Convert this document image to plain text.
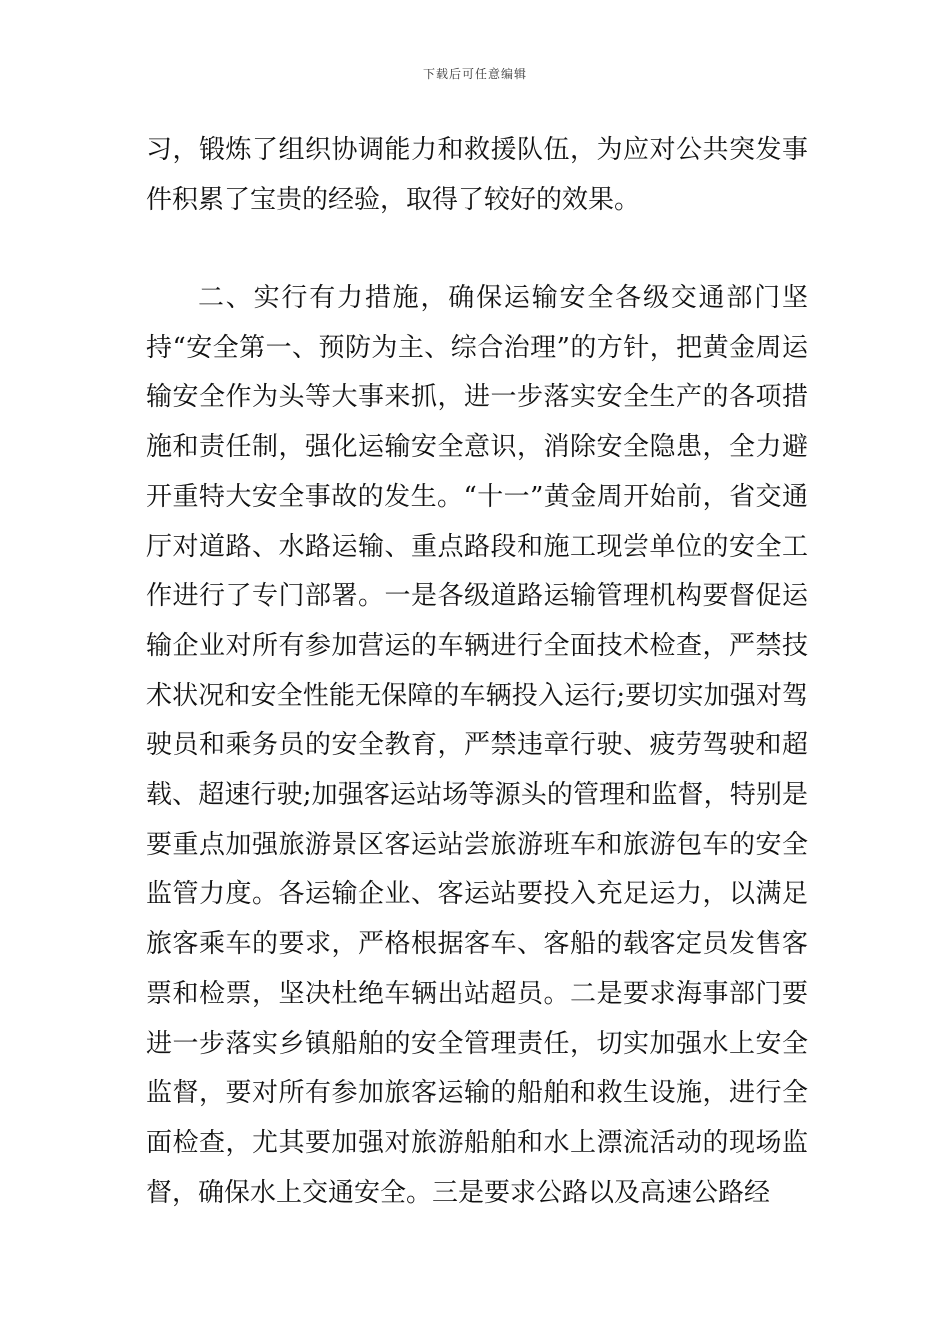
下载后可任意编辑

习，锻炼了组织协调能力和救援队伍，为应对公共突发事件积累了宝贵的经验，取得了较好的效果。

二、实行有力措施，确保运输安全各级交通部门坚持“安全第一、预防为主、综合治理”的方针，把黄金周运输安全作为头等大事来抓，进一步落实安全生产的各项措施和责任制，强化运输安全意识，消除安全隐患，全力避开重特大安全事故的发生。“十一”黄金周开始前，省交通厅对道路、水路运输、重点路段和施工现尝单位的安全工作进行了专门部署。一是各级道路运输管理机构要督促运输企业对所有参加营运的车辆进行全面技术检查，严禁技术状况和安全性能无保障的车辆投入运行;要切实加强对驾驶员和乘务员的安全教育，严禁违章行驶、疲劳驾驶和超载、超速行驶;加强客运站场等源头的管理和监督，特别是要重点加强旅游景区客运站尝旅游班车和旅游包车的安全监管力度。各运输企业、客运站要投入充足运力，以满足旅客乘车的要求，严格根据客车、客船的载客定员发售客票和检票，坚决杜绝车辆出站超员。二是要求海事部门要进一步落实乡镇船舶的安全管理责任，切实加强水上安全监督，要对所有参加旅客运输的船舶和救生设施，进行全面检查，尤其要加强对旅游船舶和水上漂流活动的现场监督，确保水上交通安全。三是要求公路以及高速公路经
